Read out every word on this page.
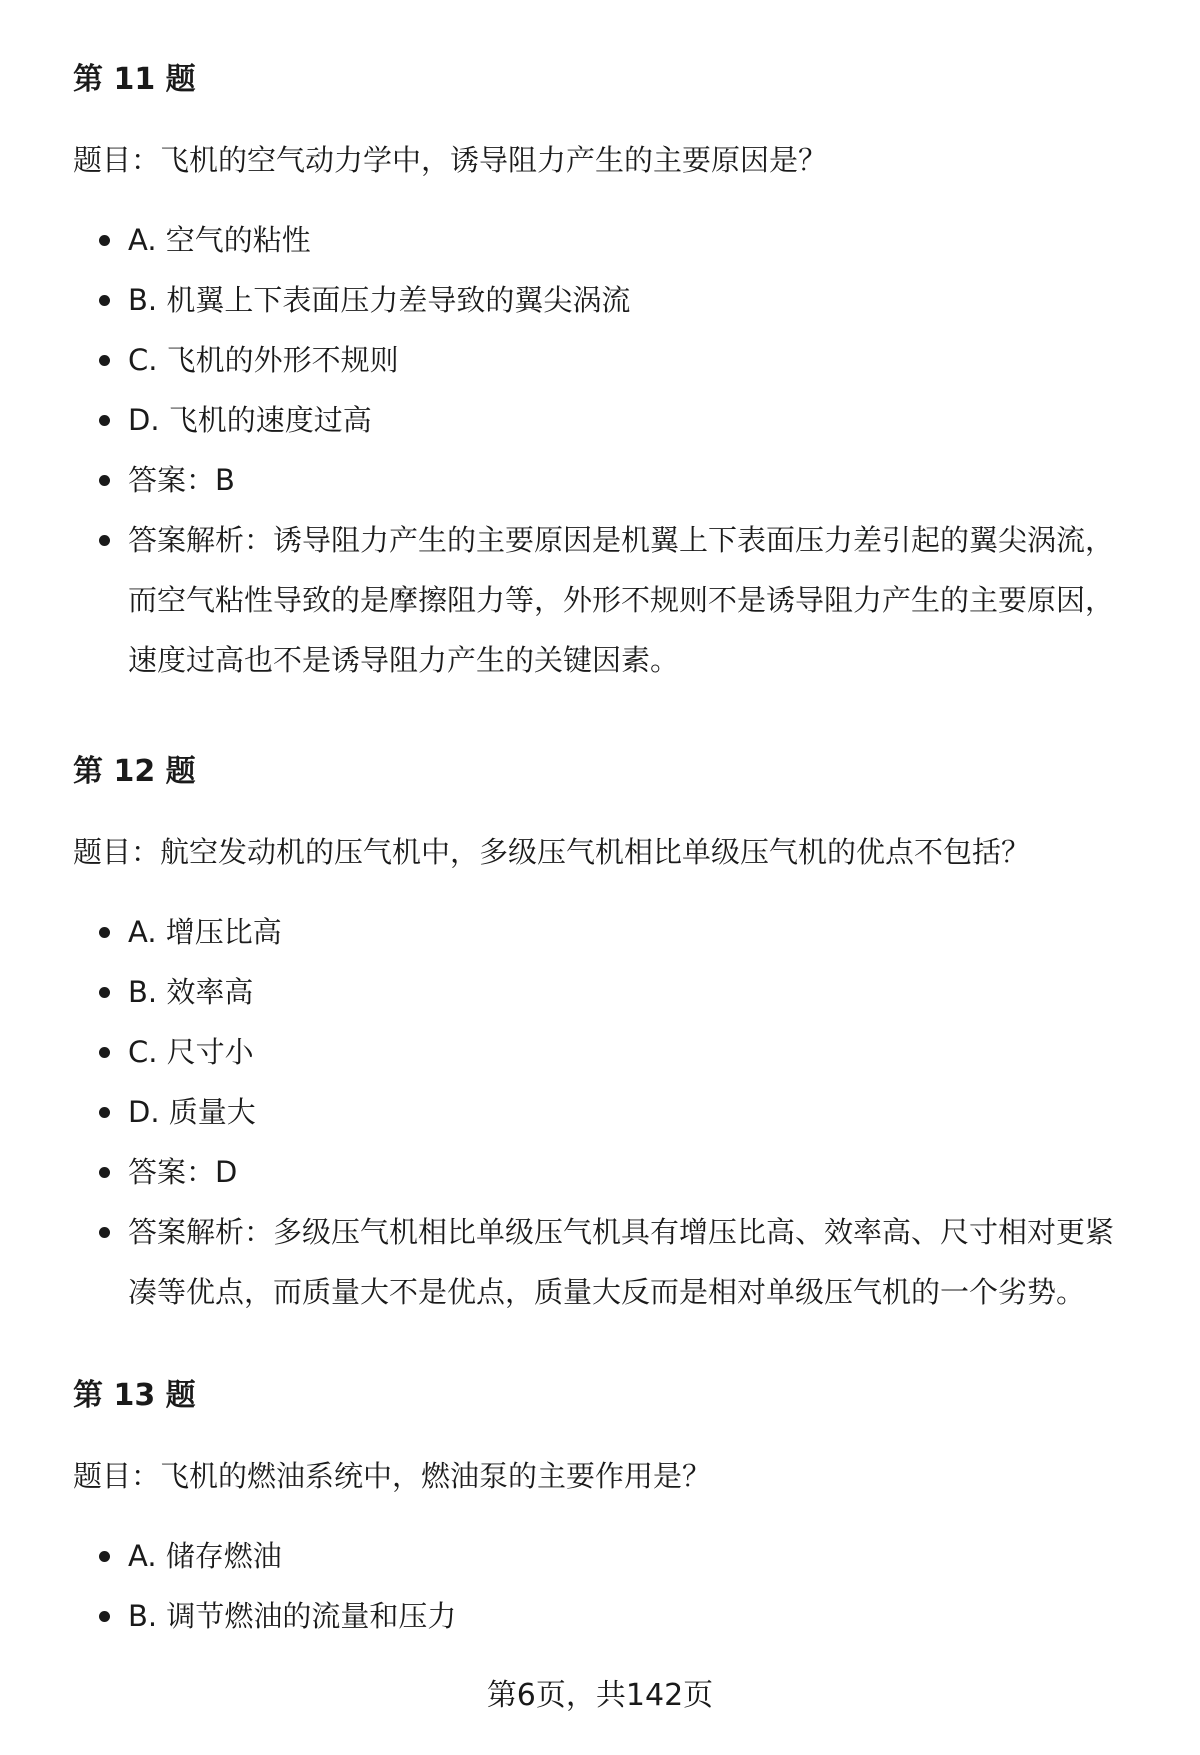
第 11 题

题目：飞机的空气动力学中，诱导阻力产生的主要原因是？

A. 空气的粘性
B. 机翼上下表面压力差导致的翼尖涡流
C. 飞机的外形不规则
D. 飞机的速度过高
答案：B
答案解析：诱导阻力产生的主要原因是机翼上下表面压力差引起的翼尖涡流，而空气粘性导致的是摩擦阻力等，外形不规则不是诱导阻力产生的主要原因，速度过高也不是诱导阻力产生的关键因素。
第 12 题

题目：航空发动机的压气机中，多级压气机相比单级压气机的优点不包括？

A. 增压比高
B. 效率高
C. 尺寸小
D. 质量大
答案：D
答案解析：多级压气机相比单级压气机具有增压比高、效率高、尺寸相对更紧凑等优点，而质量大不是优点，质量大反而是相对单级压气机的一个劣势。
第 13 题

题目：飞机的燃油系统中，燃油泵的主要作用是？

A. 储存燃油
B. 调节燃油的流量和压力

第6页，共142页
